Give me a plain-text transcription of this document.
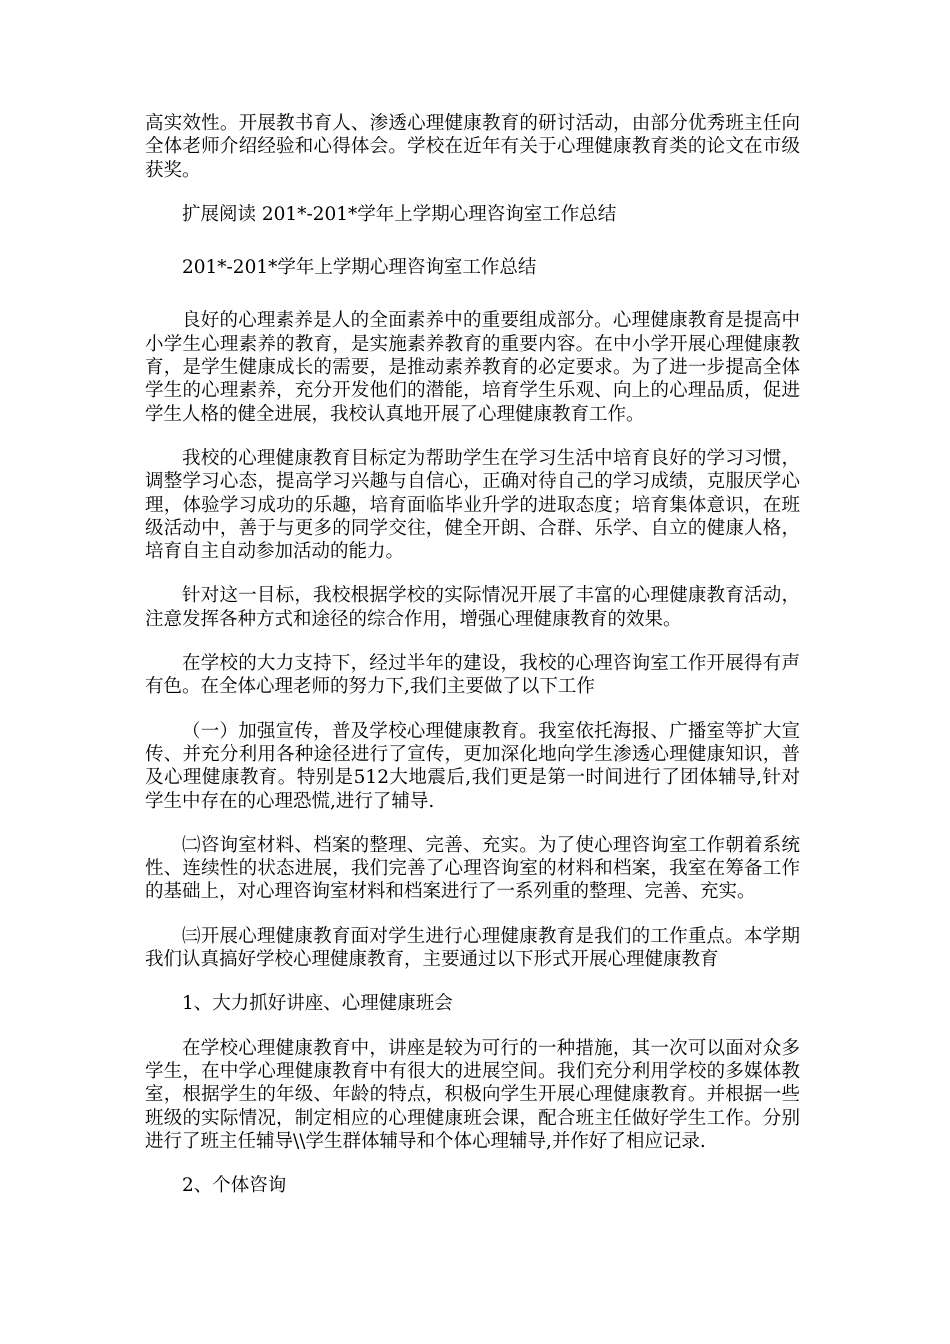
高实效性。开展教书育人、渗透心理健康教育的研讨活动，由部分优秀班主任向全体老师介绍经验和心得体会。学校在近年有关于心理健康教育类的论文在市级获奖。

扩展阅读 201*-201*学年上学期心理咨询室工作总结

201*-201*学年上学期心理咨询室工作总结

良好的心理素养是人的全面素养中的重要组成部分。心理健康教育是提高中小学生心理素养的教育，是实施素养教育的重要内容。在中小学开展心理健康教育，是学生健康成长的需要，是推动素养教育的必定要求。为了进一步提高全体学生的心理素养，充分开发他们的潜能，培育学生乐观、向上的心理品质，促进学生人格的健全进展，我校认真地开展了心理健康教育工作。

我校的心理健康教育目标定为帮助学生在学习生活中培育良好的学习习惯，调整学习心态，提高学习兴趣与自信心，正确对待自己的学习成绩，克服厌学心理，体验学习成功的乐趣，培育面临毕业升学的进取态度；培育集体意识，在班级活动中，善于与更多的同学交往，健全开朗、合群、乐学、自立的健康人格，培育自主自动参加活动的能力。

针对这一目标，我校根据学校的实际情况开展了丰富的心理健康教育活动，注意发挥各种方式和途径的综合作用，增强心理健康教育的效果。

在学校的大力支持下，经过半年的建设，我校的心理咨询室工作开展得有声有色。在全体心理老师的努力下,我们主要做了以下工作

（一）加强宣传，普及学校心理健康教育。我室依托海报、广播室等扩大宣传、并充分利用各种途径进行了宣传，更加深化地向学生渗透心理健康知识，普及心理健康教育。特别是512大地震后,我们更是第一时间进行了团体辅导,针对学生中存在的心理恐慌,进行了辅导.

㈡咨询室材料、档案的整理、完善、充实。为了使心理咨询室工作朝着系统性、连续性的状态进展，我们完善了心理咨询室的材料和档案，我室在筹备工作的基础上，对心理咨询室材料和档案进行了一系列重的整理、完善、充实。

㈢开展心理健康教育面对学生进行心理健康教育是我们的工作重点。本学期我们认真搞好学校心理健康教育，主要通过以下形式开展心理健康教育

1、大力抓好讲座、心理健康班会

在学校心理健康教育中，讲座是较为可行的一种措施，其一次可以面对众多学生，在中学心理健康教育中有很大的进展空间。我们充分利用学校的多媒体教室，根据学生的年级、年龄的特点，积极向学生开展心理健康教育。并根据一些班级的实际情况，制定相应的心理健康班会课，配合班主任做好学生工作。分别进行了班主任辅导\\学生群体辅导和个体心理辅导,并作好了相应记录.

2、个体咨询
